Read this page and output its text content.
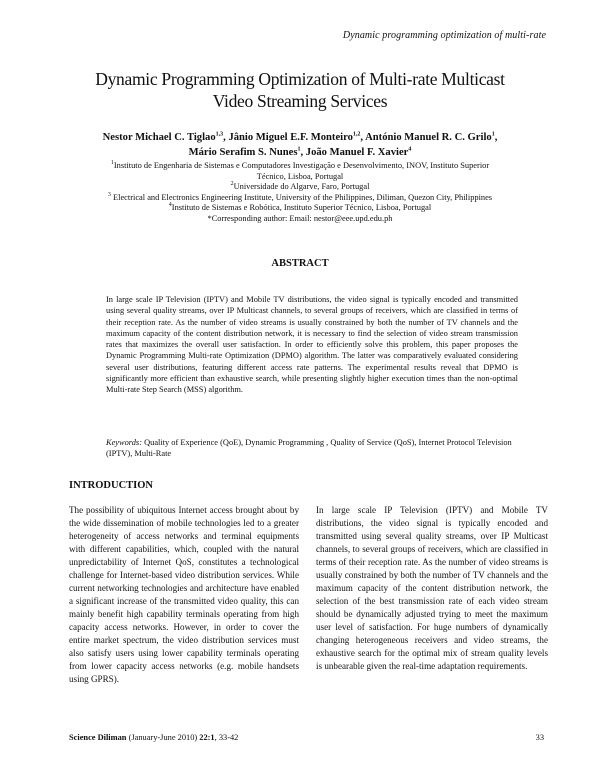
Dynamic programming optimization of multi-rate
Dynamic Programming Optimization of Multi-rate Multicast
Video Streaming Services
Nestor Michael C. Tiglao$^{1,3}$, Jânio Miguel E.F. Monteiro$^{1,2}$, António Manuel R. C. Grilo$^1$,
Mário Serafim S. Nunes$^1$, João Manuel F. Xavier$^4$
$^1$Instituto de Engenharia de Sistemas e Computadores Investigação e Desenvolvimento, INOV, Instituto Superior
Técnico, Lisboa, Portugal
$^2$Universidade do Algarve, Faro, Portugal
$^3$ Electrical and Electronics Engineering Institute, University of the Philippines, Diliman, Quezon City, Philippines
$^4$Instituto de Sistemas e Robótica, Instituto Superior Técnico, Lisboa, Portugal
*Corresponding author: Email: nestor@eee.upd.edu.ph
ABSTRACT
In large scale IP Television (IPTV) and Mobile TV distributions, the video signal is typically encoded and transmitted using several quality streams, over IP Multicast channels, to several groups of receivers, which are classified in terms of their reception rate. As the number of video streams is usually constrained by both the number of TV channels and the maximum capacity of the content distribution network, it is necessary to find the selection of video stream transmission rates that maximizes the overall user satisfaction. In order to efficiently solve this problem, this paper proposes the Dynamic Programming Multi-rate Optimization (DPMO) algorithm. The latter was comparatively evaluated considering several user distributions, featuring different access rate patterns. The experimental results reveal that DPMO is significantly more efficient than exhaustive search, while presenting slightly higher execution times than the non-optimal Multi-rate Step Search (MSS) algorithm.
Keywords: Quality of Experience (QoE), Dynamic Programming , Quality of Service (QoS), Internet Protocol Television (IPTV), Multi-Rate
INTRODUCTION
The possibility of ubiquitous Internet access brought about by the wide dissemination of mobile technologies led to a greater heterogeneity of access networks and terminal equipments with different capabilities, which, coupled with the natural unpredictability of Internet QoS, constitutes a technological challenge for Internet-based video distribution services. While current networking technologies and architecture have enabled a significant increase of the transmitted video quality, this can mainly benefit high capability terminals operating from high capacity access networks. However, in order to cover the entire market spectrum, the video distribution services must also satisfy users using lower capability terminals operating from lower capacity access networks (e.g. mobile handsets using GPRS).
In large scale IP Television (IPTV) and Mobile TV distributions, the video signal is typically encoded and transmitted using several quality streams, over IP Multicast channels, to several groups of receivers, which are classified in terms of their reception rate. As the number of video streams is usually constrained by both the number of TV channels and the maximum capacity of the content distribution network, the selection of the best transmission rate of each video stream should be dynamically adjusted trying to meet the maximum user level of satisfaction. For huge numbers of dynamically changing heterogeneous receivers and video streams, the exhaustive search for the optimal mix of stream quality levels is unbearable given the real-time adaptation requirements.
Science Diliman (January-June 2010) 22:1, 33-42	33
